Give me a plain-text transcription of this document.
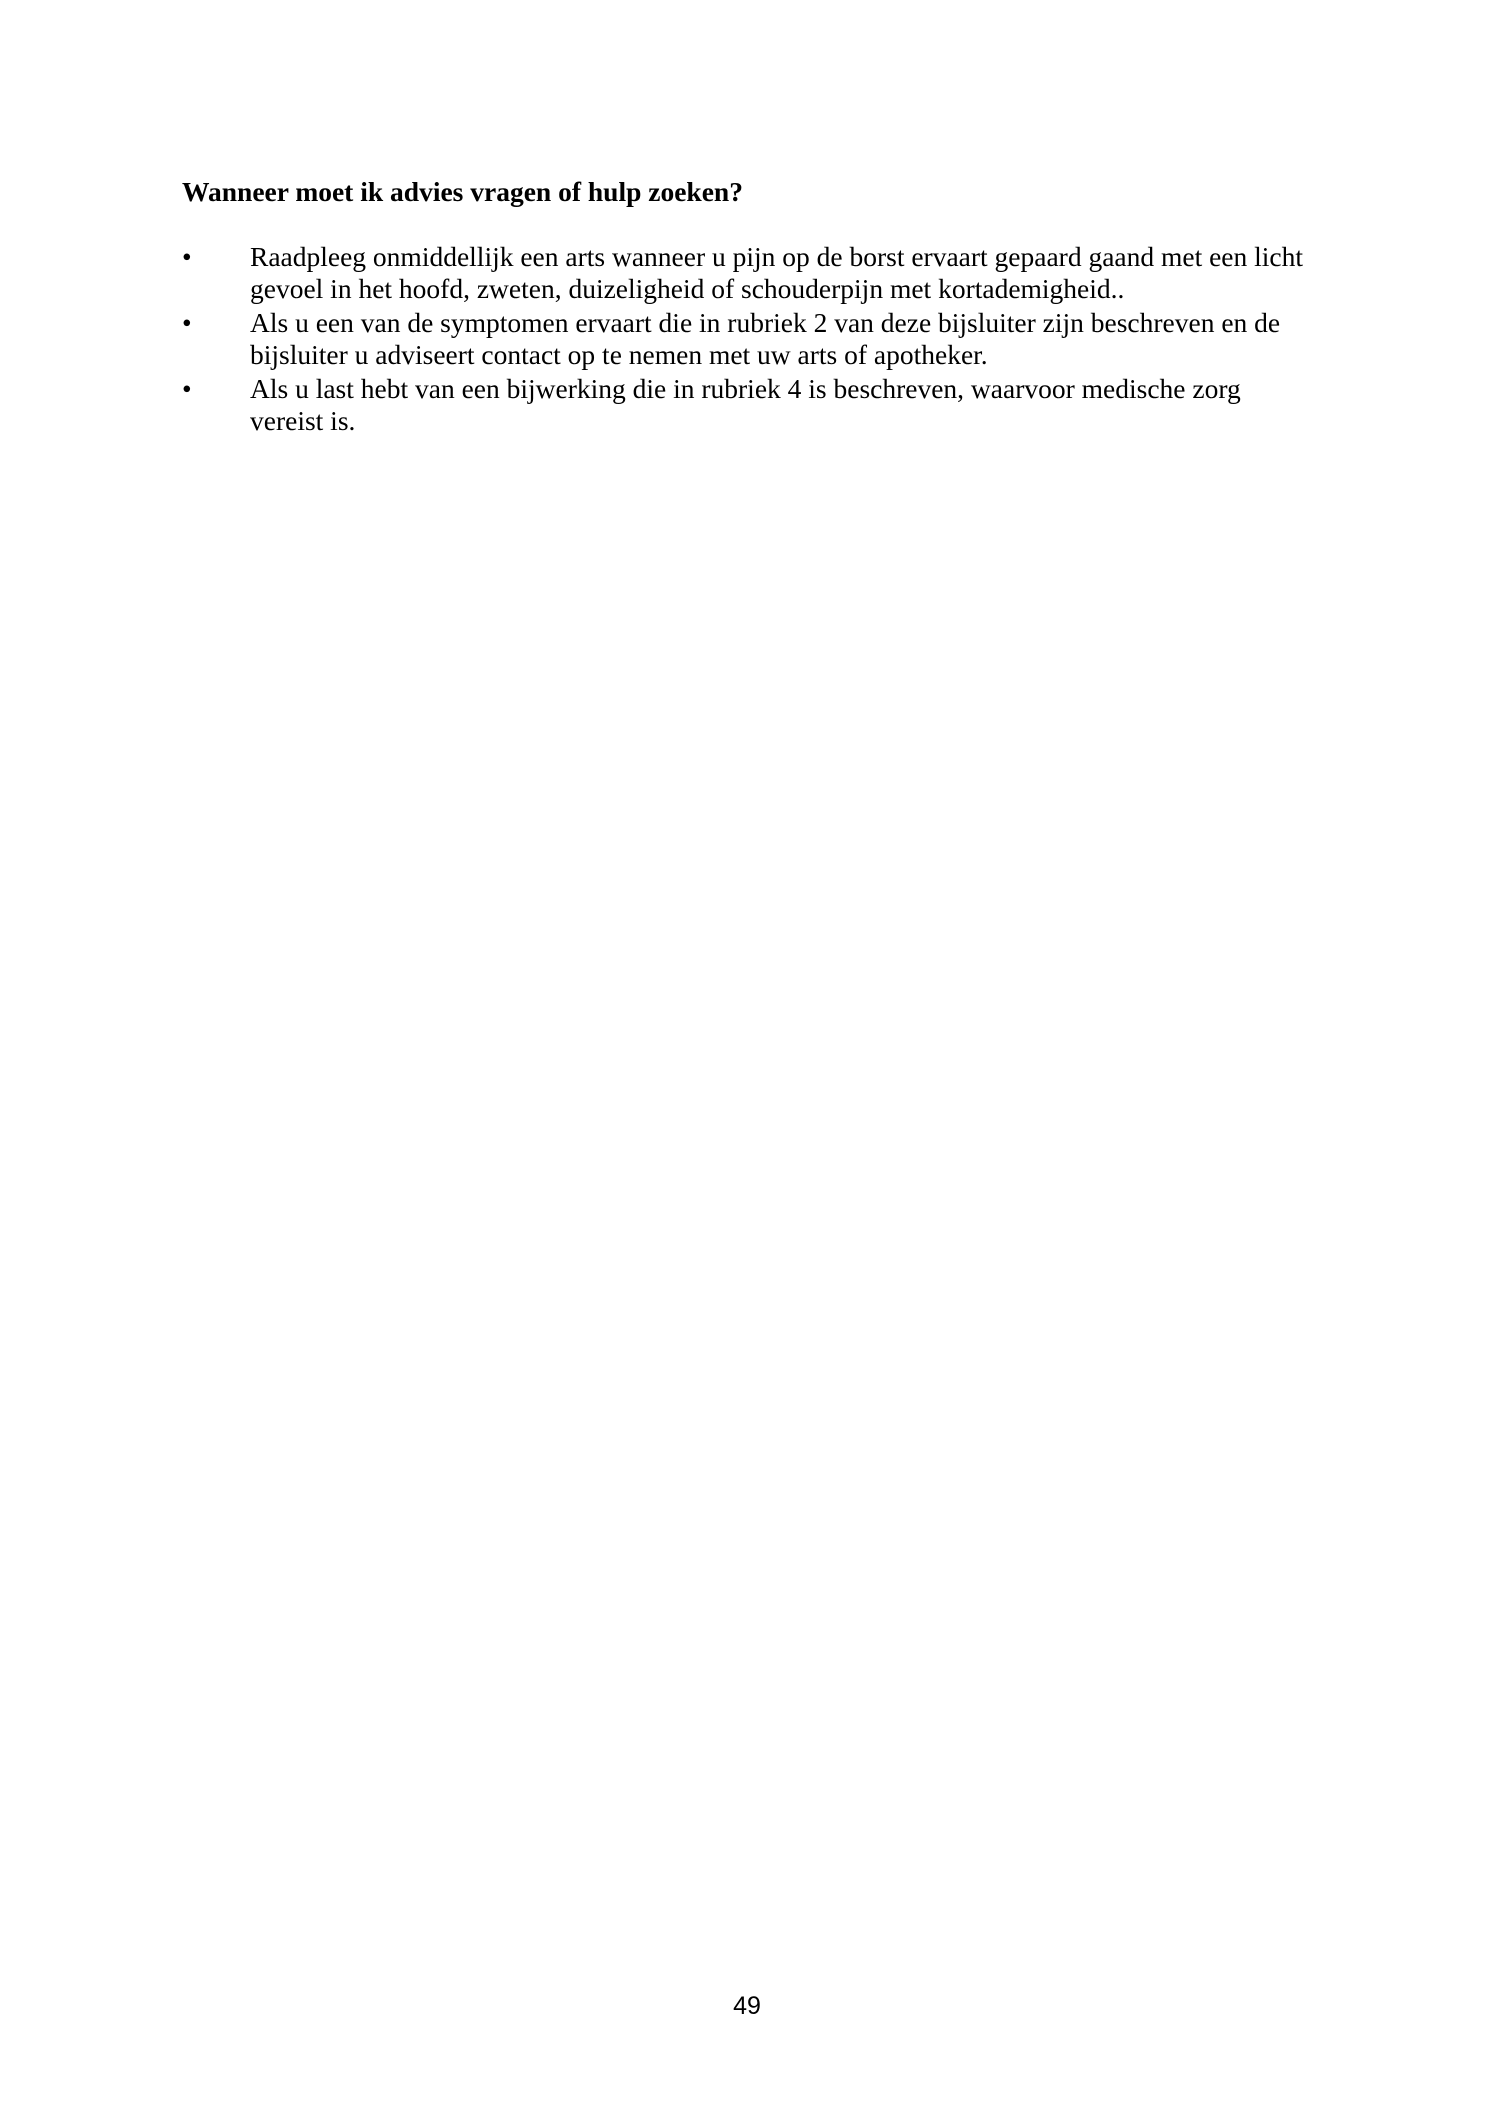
Wanneer moet ik advies vragen of hulp zoeken?
•	Raadpleeg onmiddellijk een arts wanneer u pijn op de borst ervaart gepaard gaand met een licht
gevoel in het hoofd, zweten, duizeligheid of schouderpijn met kortademigheid..
•	Als u een van de symptomen ervaart die in rubriek 2 van deze bijsluiter zijn beschreven en de
bijsluiter u adviseert contact op te nemen met uw arts of apotheker.
•	Als u last hebt van een bijwerking die in rubriek 4 is beschreven, waarvoor medische zorg
vereist is.
49
